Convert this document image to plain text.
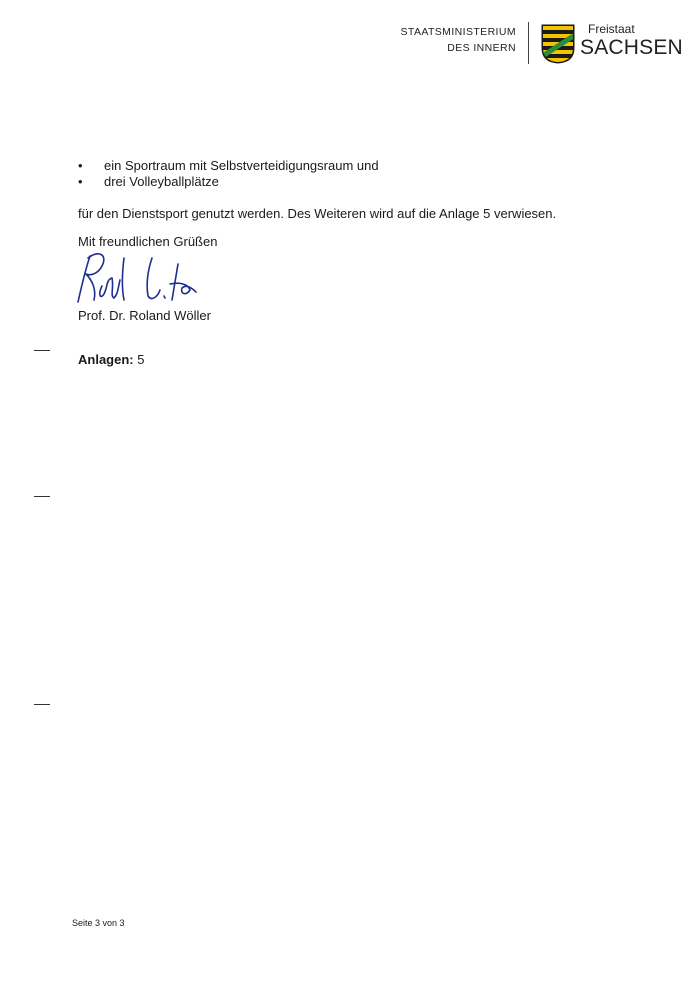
STAATSMINISTERIUM
DES INNERN
Freistaat
SACHSEN
• ein Sportraum mit Selbstverteidigungsraum und
• drei Volleyballplätze

für den Dienstsport genutzt werden. Des Weiteren wird auf die Anlage 5 verwiesen.

Mit freundlichen Grüßen

Prof. Dr. Roland Wöller

Anlagen: 5

Seite 3 von 3
